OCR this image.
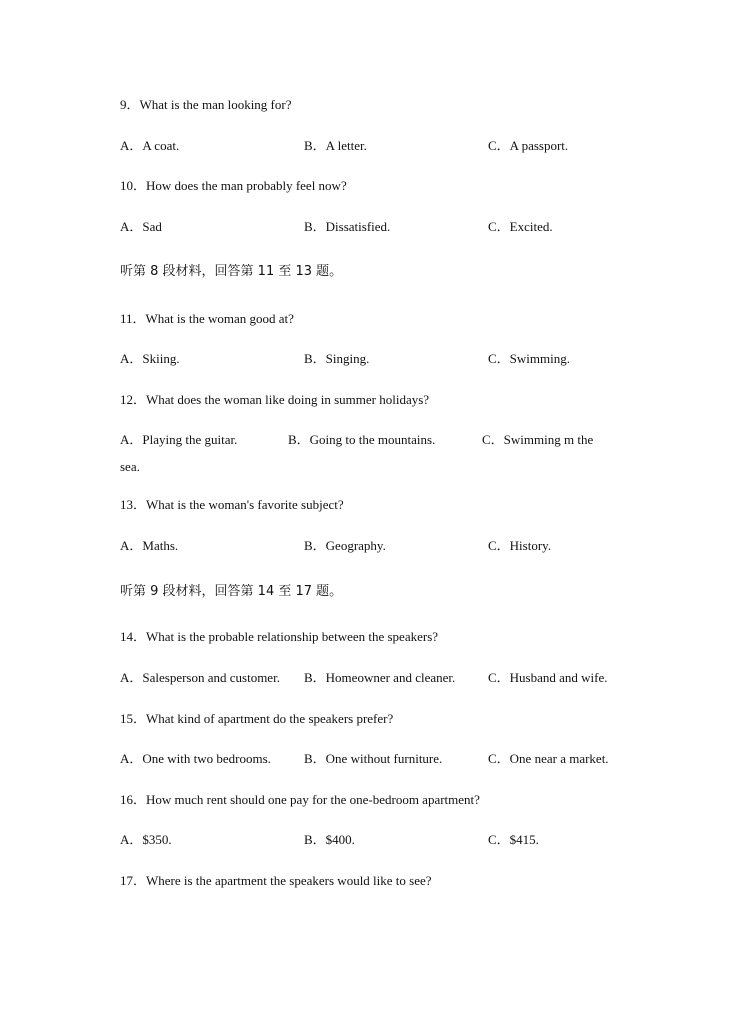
9．What is the man looking for?
A．A coat.	B．A letter.	C．A passport.
10．How does the man probably feel now?
A．Sad	B．Dissatisfied.	C．Excited.
听第 8 段材料，回答第 11 至 13 题。
11．What is the woman good at?
A．Skiing.	B．Singing.	C．Swimming.
12．What does the woman like doing in summer holidays?
A．Playing the guitar.	B．Going to the mountains.	C．Swimming m the
sea.
13．What is the woman's favorite subject?
A．Maths.	B．Geography.	C．History.
听第 9 段材料，回答第 14 至 17 题。
14．What is the probable relationship between the speakers?
A．Salesperson and customer. B．Homeowner and cleaner.	C．Husband and wife.
15．What kind of apartment do the speakers prefer?
A．One with two bedrooms.	B．One without furniture.	C．One near a market.
16．How much rent should one pay for the one-bedroom apartment?
A．$350.	B．$400.	C．$415.
17．Where is the apartment the speakers would like to see?
